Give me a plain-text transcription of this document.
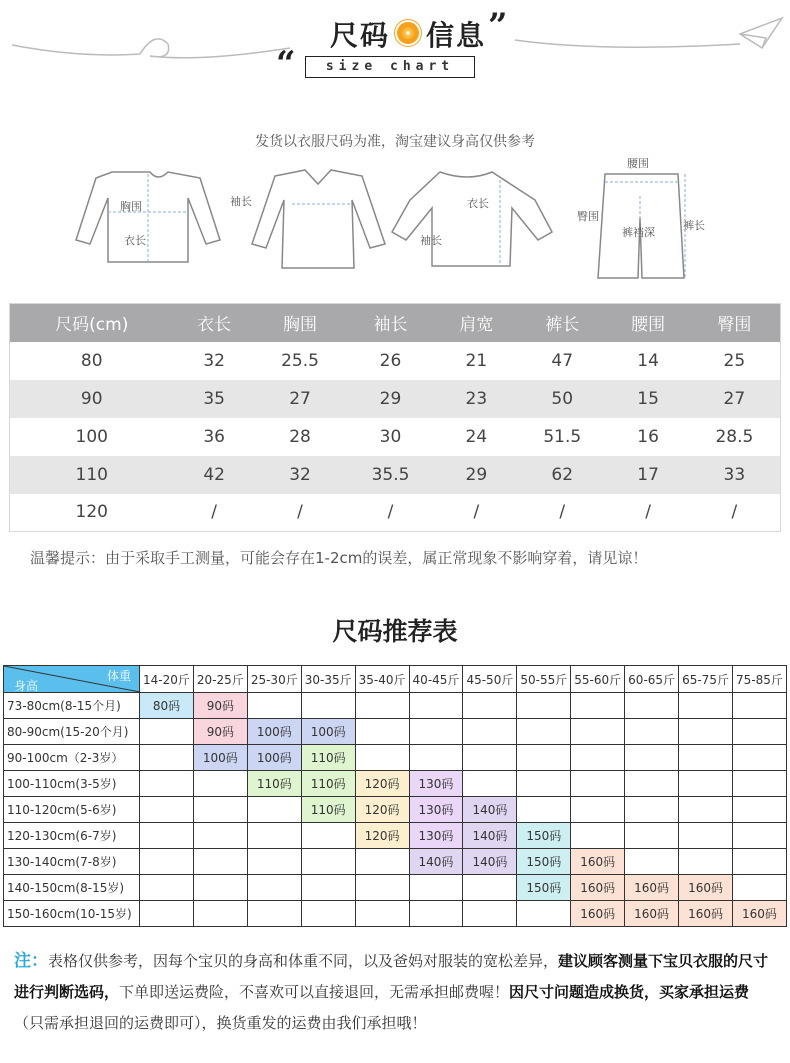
尺码 信息 ”
“	size chart
发货以衣服尺码为准，淘宝建议身高仅供参考
胸围
衣长
袖长	衣长
袖长
腰围
臀围
裤裆深
裤长
尺码(cm)	衣长	胸围	袖长	肩宽	裤长	腰围	臀围
80	32	25.5	26	21	47	14	25
90	35	27	29	23	50	15	27
100	36	28	30	24	51.5	16	28.5
110	42	32	35.5	29	62	17	33
120	/	/	/	/	/	/	/
温馨提示：由于采取手工测量，可能会存在1-2cm的误差，属正常现象不影响穿着，请见谅！
尺码推荐表
体重
身高	14-20斤	20-25斤	25-30斤	30-35斤	35-40斤	40-45斤	45-50斤	50-55斤	55-60斤	60-65斤	65-75斤	75-85斤
73-80cm(8-15个月)	80码	90码										
80-90cm(15-20个月)		90码	100码	100码								
90-100cm（2-3岁）		100码	100码	110码								
100-110cm(3-5岁)			110码	110码	120码	130码						
110-120cm(5-6岁)				110码	120码	130码	140码					
120-130cm(6-7岁)					120码	130码	140码	150码				
130-140cm(7-8岁)						140码	140码	150码	160码			
140-150cm(8-15岁)								150码	160码	160码	160码	
150-160cm(10-15岁)									160码	160码	160码	160码
注：表格仅供参考，因每个宝贝的身高和体重不同，以及爸妈对服装的宽松差异，建议顾客测量下宝贝衣服的尺寸进行判断选码，下单即送运费险，不喜欢可以直接退回，无需承担邮费喔！因尺寸问题造成换货，买家承担运费（只需承担退回的运费即可），换货重发的运费由我们承担哦！
